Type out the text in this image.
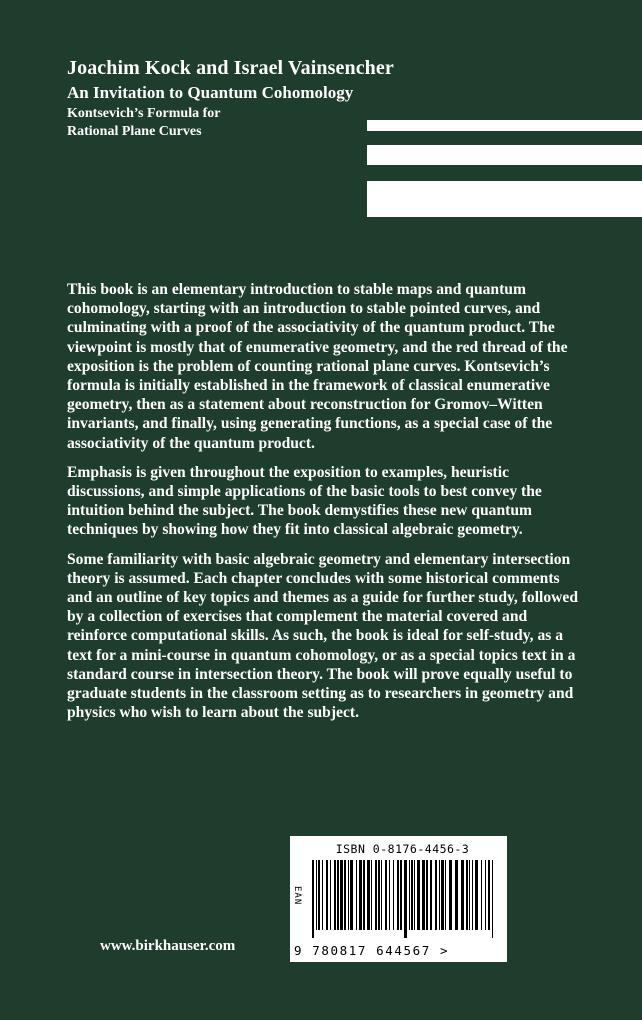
Joachim Kock and Israel Vainsencher
An Invitation to Quantum Cohomology
Kontsevich’s Formula for
Rational Plane Curves

This book is an elementary introduction to stable maps and quantum cohomology, starting with an introduction to stable pointed curves, and culminating with a proof of the associativity of the quantum product. The viewpoint is mostly that of enumerative geometry, and the red thread of the exposition is the problem of counting rational plane curves. Kontsevich’s formula is initially established in the framework of classical enumerative geometry, then as a statement about reconstruction for Gromov–Witten invariants, and finally, using generating functions, as a special case of the associativity of the quantum product.

Emphasis is given throughout the exposition to examples, heuristic discussions, and simple applications of the basic tools to best convey the intuition behind the subject. The book demystifies these new quantum techniques by showing how they fit into classical algebraic geometry.

Some familiarity with basic algebraic geometry and elementary intersection theory is assumed. Each chapter concludes with some historical comments and an outline of key topics and themes as a guide for further study, followed by a collection of exercises that complement the material covered and reinforce computational skills. As such, the book is ideal for self-study, as a text for a mini-course in quantum cohomology, or as a special topics text in a standard course in intersection theory. The book will prove equally useful to graduate students in the classroom setting as to researchers in geometry and physics who wish to learn about the subject.

ISBN 0-8176-4456-3
EAN
9 780817 644567 >
www.birkhauser.com
